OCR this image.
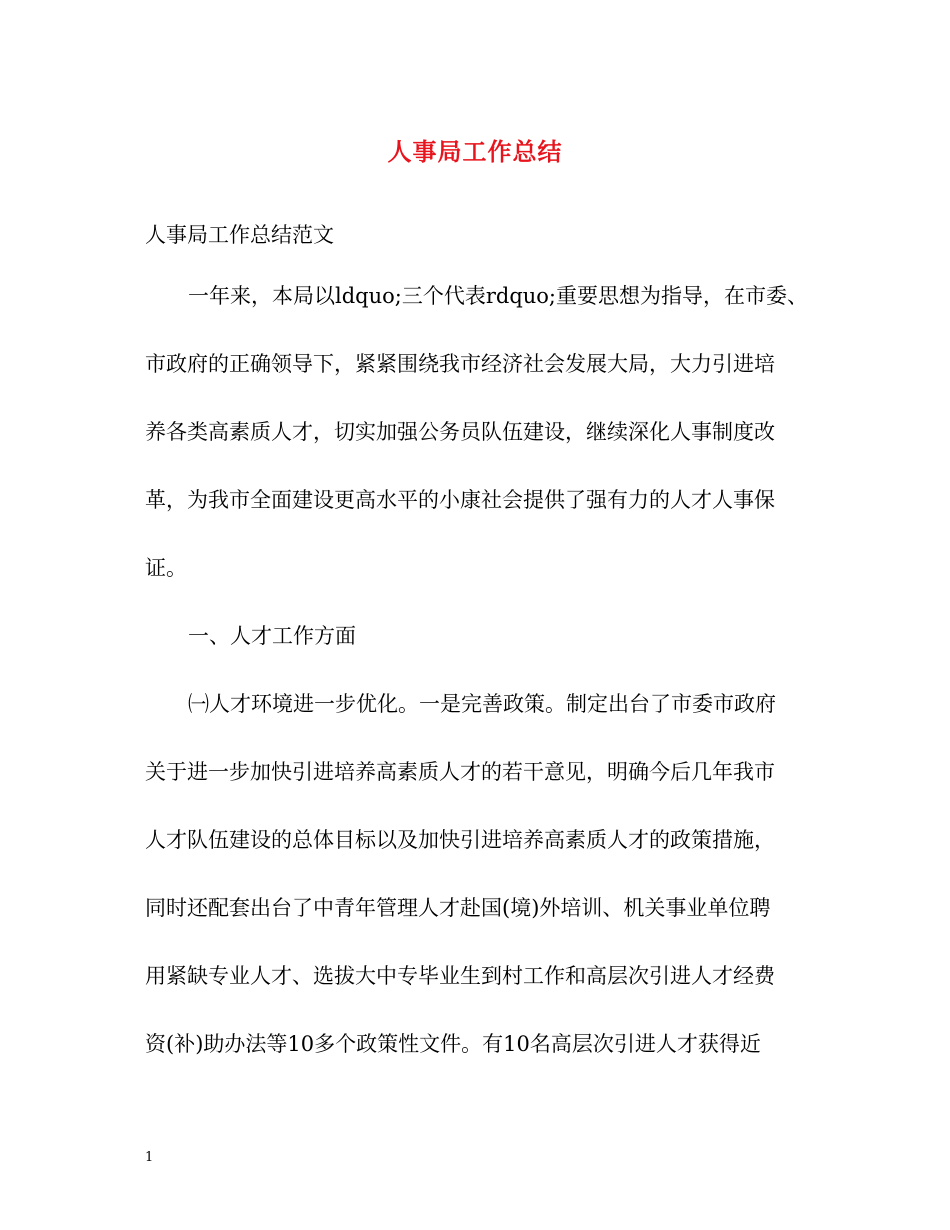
人事局工作总结
人事局工作总结范文
一年来，本局以ldquo;三个代表rdquo;重要思想为指导，在市委、
市政府的正确领导下，紧紧围绕我市经济社会发展大局，大力引进培
养各类高素质人才，切实加强公务员队伍建设，继续深化人事制度改
革，为我市全面建设更高水平的小康社会提供了强有力的人才人事保
证。
一、人才工作方面
㈠人才环境进一步优化。一是完善政策。制定出台了市委市政府
关于进一步加快引进培养高素质人才的若干意见，明确今后几年我市
人才队伍建设的总体目标以及加快引进培养高素质人才的政策措施，
同时还配套出台了中青年管理人才赴国(境)外培训、机关事业单位聘
用紧缺专业人才、选拔大中专毕业生到村工作和高层次引进人才经费
资(补)助办法等10多个政策性文件。有10名高层次引进人才获得近
1
